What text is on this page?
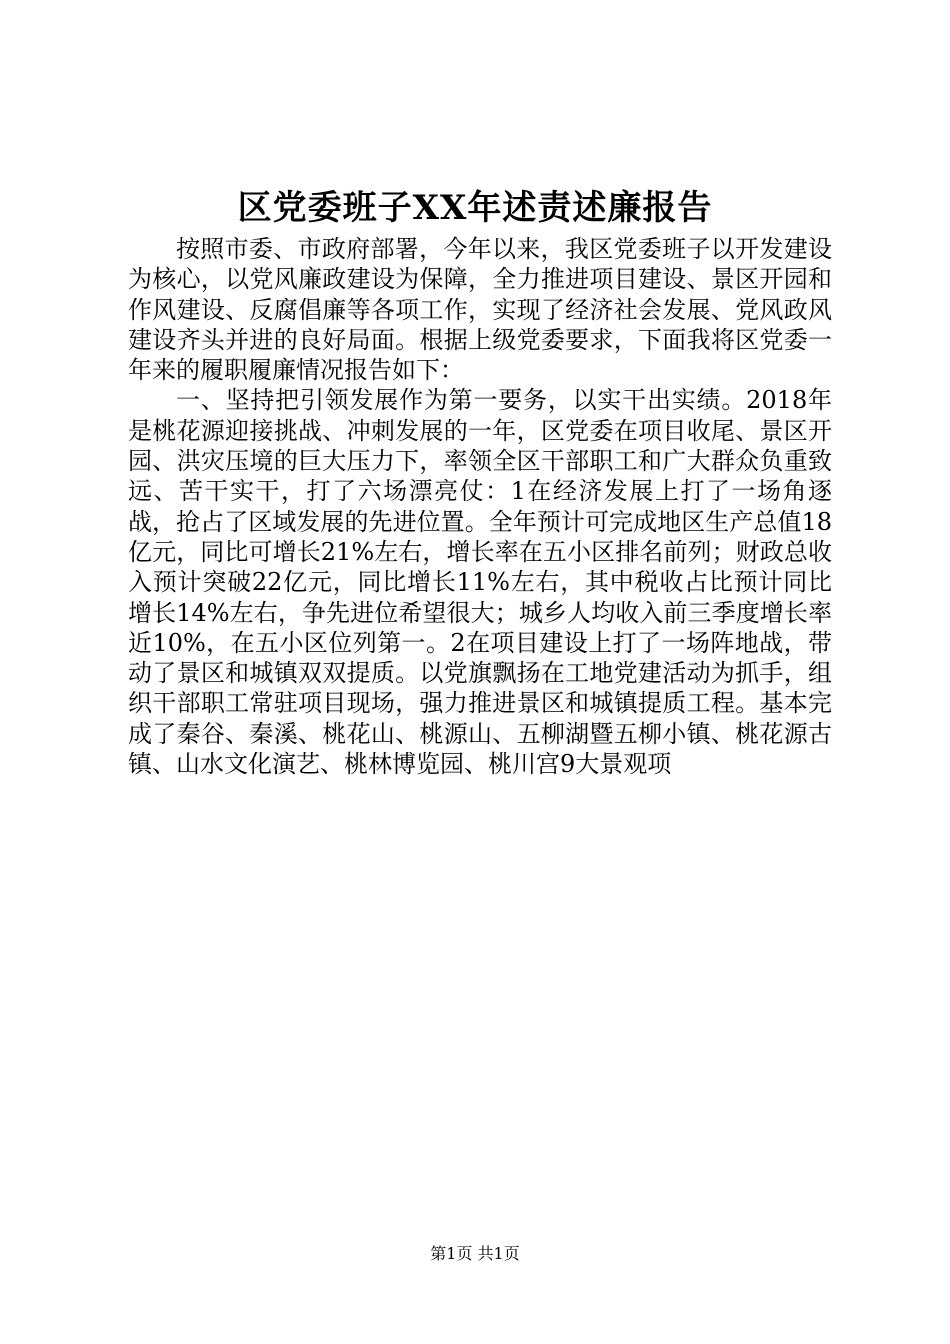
区党委班子XX年述责述廉报告

按照市委、市政府部署，今年以来，我区党委班子以开发建设为核心，以党风廉政建设为保障，全力推进项目建设、景区开园和作风建设、反腐倡廉等各项工作，实现了经济社会发展、党风政风建设齐头并进的良好局面。根据上级党委要求，下面我将区党委一年来的履职履廉情况报告如下：

一、坚持把引领发展作为第一要务，以实干出实绩。2018年是桃花源迎接挑战、冲刺发展的一年，区党委在项目收尾、景区开园、洪灾压境的巨大压力下，率领全区干部职工和广大群众负重致远、苦干实干，打了六场漂亮仗：1在经济发展上打了一场角逐战，抢占了区域发展的先进位置。全年预计可完成地区生产总值18亿元，同比可增长21%左右，增长率在五小区排名前列；财政总收入预计突破22亿元，同比增长11%左右，其中税收占比预计同比增长14%左右，争先进位希望很大；城乡人均收入前三季度增长率近10%，在五小区位列第一。2在项目建设上打了一场阵地战，带动了景区和城镇双双提质。以党旗飘扬在工地党建活动为抓手，组织干部职工常驻项目现场，强力推进景区和城镇提质工程。基本完成了秦谷、秦溪、桃花山、桃源山、五柳湖暨五柳小镇、桃花源古镇、山水文化演艺、桃林博览园、桃川宫9大景观项

第1页 共1页
